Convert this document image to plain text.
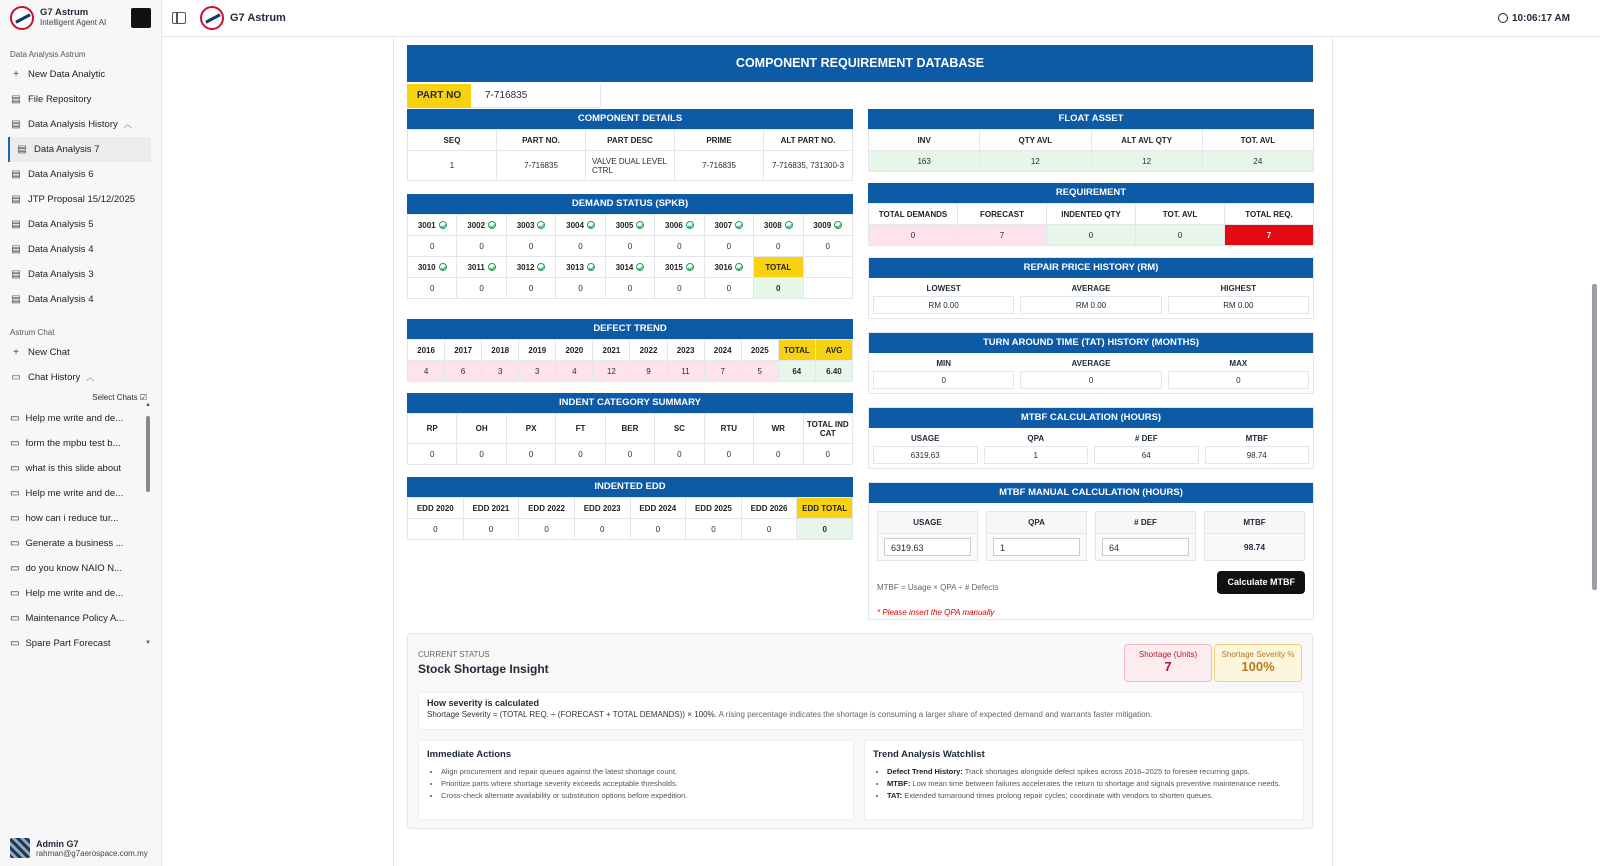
G7 Astrum
Intelligent Agent AI
Data Analysis Astrum
+ New Data Analytic
▤ File Repository
▤ Data Analysis History ︿
▤ Data Analysis 7
▤ Data Analysis 6
▤ JTP Proposal 15/12/2025
▤ Data Analysis 5
▤ Data Analysis 4
▤ Data Analysis 3
▤ Data Analysis 4
Astrum Chat
+ New Chat
▭ Chat History ︿
Select Chats ☑
▭ Help me write and de...
▭ form the mpbu test b...
▭ what is this slide about
▭ Help me write and de...
▭ how can i reduce tur...
▭ Generate a business ...
▭ do you know NAIO N...
▭ Help me write and de...
▭ Maintenance Policy A...
▭ Spare Part Forecast
▲
▼
Admin G7
rahman@g7aerospace.com.my
G7 Astrum	10:06:17 AM
COMPONENT REQUIREMENT DATABASE
PART NO	7-716835
COMPONENT DETAILS
SEQ	PART NO.	PART DESC	PRIME	ALT PART NO.
1	7-716835	VALVE DUAL LEVEL CTRL	7-716835	7-716835, 731300-3
DEMAND STATUS (SPKB)
3001	3002	3003	3004	3005	3006	3007	3008	3009
0	0	0	0	0	0	0	0	0
3010	3011	3012	3013	3014	3015	3016	TOTAL	
0	0	0	0	0	0	0	0	
DEFECT TREND
2016	2017	2018	2019	2020	2021	2022	2023	2024	2025	TOTAL	AVG
4	6	3	3	4	12	9	11	7	5	64	6.40
INDENT CATEGORY SUMMARY
RP	OH	PX	FT	BER	SC	RTU	WR	TOTAL IND CAT
0	0	0	0	0	0	0	0	0
INDENTED EDD
EDD 2020	EDD 2021	EDD 2022	EDD 2023	EDD 2024	EDD 2025	EDD 2026	EDD TOTAL
0	0	0	0	0	0	0	0
FLOAT ASSET
INV	QTY AVL	ALT AVL QTY	TOT. AVL
163	12	12	24
REQUIREMENT
TOTAL DEMANDS	FORECAST	INDENTED QTY	TOT. AVL	TOTAL REQ.
0	7	0	0	7
REPAIR PRICE HISTORY (RM)
LOWEST
RM 0.00
AVERAGE
RM 0.00
HIGHEST
RM 0.00
TURN AROUND TIME (TAT) HISTORY (MONTHS)
MIN
0
AVERAGE
0
MAX
0
MTBF CALCULATION (HOURS)
USAGE
6319.63
QPA
1
# DEF
64
MTBF
98.74
MTBF MANUAL CALCULATION (HOURS)
USAGE
6319.63
QPA
1
# DEF
64
MTBF
98.74
MTBF = Usage × QPA ÷ # Defects
Calculate MTBF
* Please insert the QPA manually
CURRENT STATUS
Stock Shortage Insight
Shortage (Units)
7
Shortage Severity %
100%
How severity is calculated
Shortage Severity = (TOTAL REQ. ÷ (FORECAST + TOTAL DEMANDS)) × 100%. A rising percentage indicates the shortage is consuming a larger share of expected demand and warrants faster mitigation.
Immediate Actions
• Align procurement and repair queues against the latest shortage count.
• Prioritize parts where shortage severity exceeds acceptable thresholds.
• Cross-check alternate availability or substitution options before expedition.
Trend Analysis Watchlist
• Defect Trend History: Track shortages alongside defect spikes across 2016–2025 to foresee recurring gaps.
• MTBF: Low mean time between failures accelerates the return to shortage and signals preventive maintenance needs.
• TAT: Extended turnaround times prolong repair cycles; coordinate with vendors to shorten queues.
